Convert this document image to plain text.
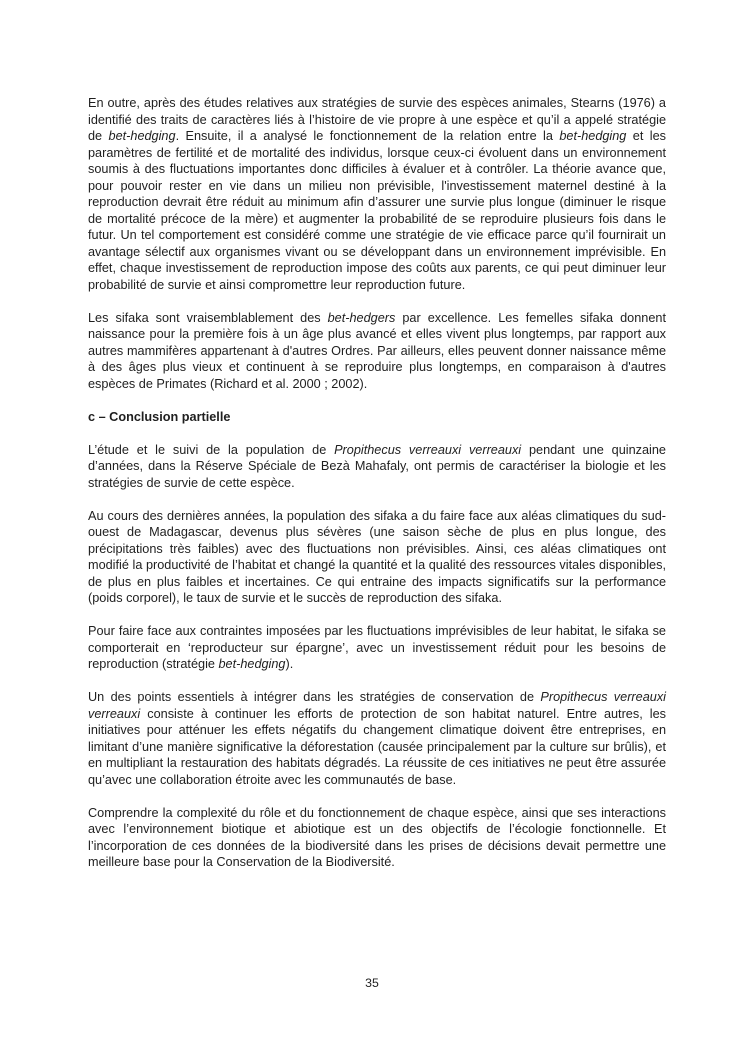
En outre, après des études relatives aux stratégies de survie des espèces animales, Stearns (1976) a identifié des traits de caractères liés à l’histoire de vie propre à une espèce et qu’il a appelé stratégie de bet-hedging. Ensuite, il a analysé le fonctionnement de la relation entre la bet-hedging et les paramètres de fertilité et de mortalité des individus, lorsque ceux-ci évoluent dans un environnement soumis à des fluctuations importantes donc difficiles à évaluer et à contrôler. La théorie avance que, pour pouvoir rester en vie dans un milieu non prévisible, l'investissement maternel destiné à la reproduction devrait être réduit au minimum afin d’assurer une survie plus longue (diminuer le risque de mortalité précoce de la mère) et augmenter la probabilité de se reproduire plusieurs fois dans le futur. Un tel comportement est considéré comme une stratégie de vie efficace parce qu’il fournirait un avantage sélectif aux organismes vivant ou se développant dans un environnement imprévisible. En effet, chaque investissement de reproduction impose des coûts aux parents, ce qui peut diminuer leur probabilité de survie et ainsi compromettre leur reproduction future.

Les sifaka sont vraisemblablement des bet-hedgers par excellence. Les femelles sifaka donnent naissance pour la première fois à un âge plus avancé et elles vivent plus longtemps, par rapport aux autres mammifères appartenant à d'autres Ordres. Par ailleurs, elles peuvent donner naissance même à des âges plus vieux et continuent à se reproduire plus longtemps, en comparaison à d'autres espèces de Primates (Richard et al. 2000 ; 2002).

c – Conclusion partielle

L’étude et le suivi de la population de Propithecus verreauxi verreauxi pendant une quinzaine d’années, dans la Réserve Spéciale de Bezà Mahafaly, ont permis de caractériser la biologie et les stratégies de survie de cette espèce.

Au cours des dernières années, la population des sifaka a du faire face aux aléas climatiques du sud-ouest de Madagascar, devenus plus sévères (une saison sèche de plus en plus longue, des précipitations très faibles) avec des fluctuations non prévisibles. Ainsi, ces aléas climatiques ont modifié la productivité de l’habitat et changé la quantité et la qualité des ressources vitales disponibles, de plus en plus faibles et incertaines. Ce qui entraine des impacts significatifs sur la performance (poids corporel), le taux de survie et le succès de reproduction des sifaka.

Pour faire face aux contraintes imposées par les fluctuations imprévisibles de leur habitat, le sifaka se comporterait en ‘reproducteur sur épargne’, avec un investissement réduit pour les besoins de reproduction (stratégie bet-hedging).

Un des points essentiels à intégrer dans les stratégies de conservation de Propithecus verreauxi verreauxi consiste à continuer les efforts de protection de son habitat naturel. Entre autres, les initiatives pour atténuer les effets négatifs du changement climatique doivent être entreprises, en limitant d’une manière significative la déforestation (causée principalement par la culture sur brûlis), et en multipliant la restauration des habitats dégradés. La réussite de ces initiatives ne peut être assurée qu’avec une collaboration étroite avec les communautés de base.

Comprendre la complexité du rôle et du fonctionnement de chaque espèce, ainsi que ses interactions avec l’environnement biotique et abiotique est un des objectifs de l’écologie fonctionnelle. Et l’incorporation de ces données de la biodiversité dans les prises de décisions devait permettre une meilleure base pour la Conservation de la Biodiversité.

35
